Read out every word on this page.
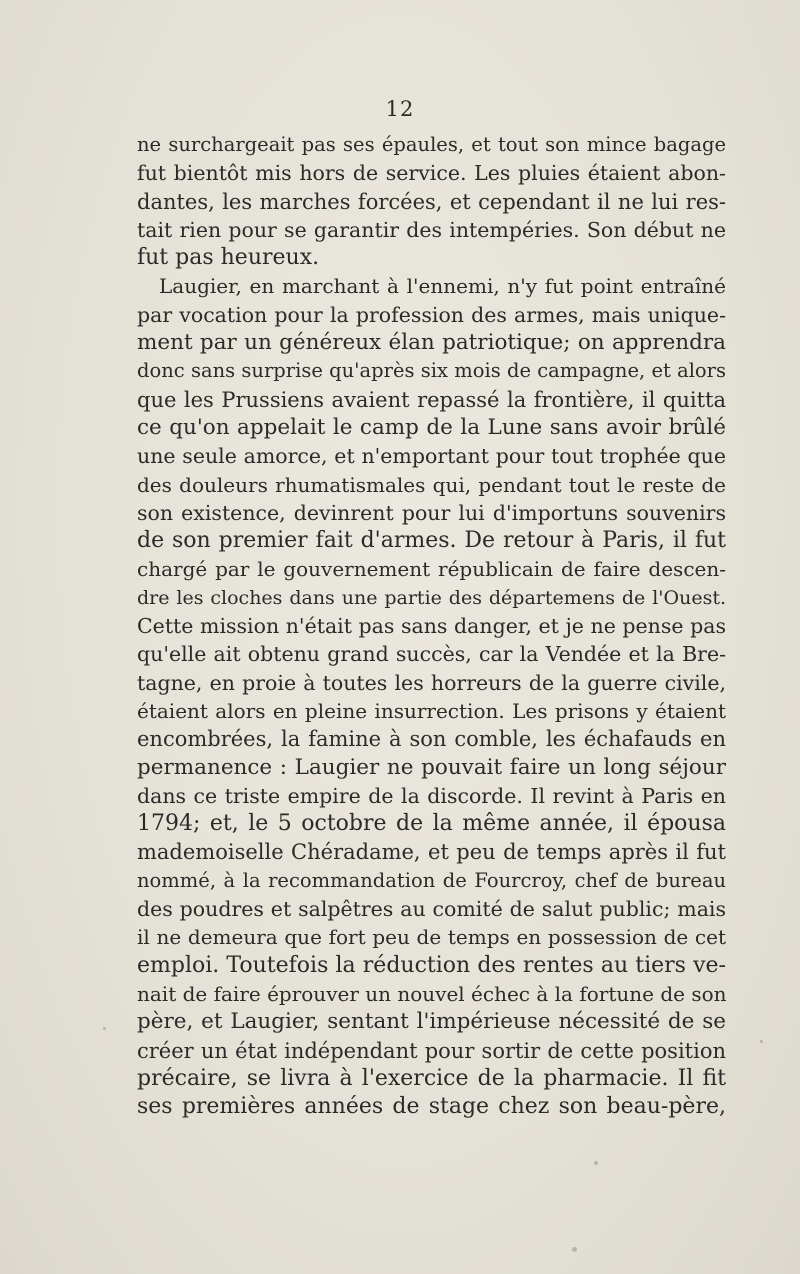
12
ne surchargeait pas ses épaules, et tout son mince bagage
fut bientôt mis hors de service. Les pluies étaient abon-
dantes, les marches forcées, et cependant il ne lui res-
tait rien pour se garantir des intempéries. Son début ne
fut pas heureux.
Laugier, en marchant à l'ennemi, n'y fut point entraîné
par vocation pour la profession des armes, mais unique-
ment par un généreux élan patriotique; on apprendra
donc sans surprise qu'après six mois de campagne, et alors
que les Prussiens avaient repassé la frontière, il quitta
ce qu'on appelait le camp de la Lune sans avoir brûlé
une seule amorce, et n'emportant pour tout trophée que
des douleurs rhumatismales qui, pendant tout le reste de
son existence, devinrent pour lui d'importuns souvenirs
de son premier fait d'armes. De retour à Paris, il fut
chargé par le gouvernement républicain de faire descen-
dre les cloches dans une partie des départemens de l'Ouest.
Cette mission n'était pas sans danger, et je ne pense pas
qu'elle ait obtenu grand succès, car la Vendée et la Bre-
tagne, en proie à toutes les horreurs de la guerre civile,
étaient alors en pleine insurrection. Les prisons y étaient
encombrées, la famine à son comble, les échafauds en
permanence : Laugier ne pouvait faire un long séjour
dans ce triste empire de la discorde. Il revint à Paris en
1794; et, le 5 octobre de la même année, il épousa
mademoiselle Chéradame, et peu de temps après il fut
nommé, à la recommandation de Fourcroy, chef de bureau
des poudres et salpêtres au comité de salut public; mais
il ne demeura que fort peu de temps en possession de cet
emploi. Toutefois la réduction des rentes au tiers ve-
nait de faire éprouver un nouvel échec à la fortune de son
père, et Laugier, sentant l'impérieuse nécessité de se
créer un état indépendant pour sortir de cette position
précaire, se livra à l'exercice de la pharmacie. Il fit
ses premières années de stage chez son beau-père,
